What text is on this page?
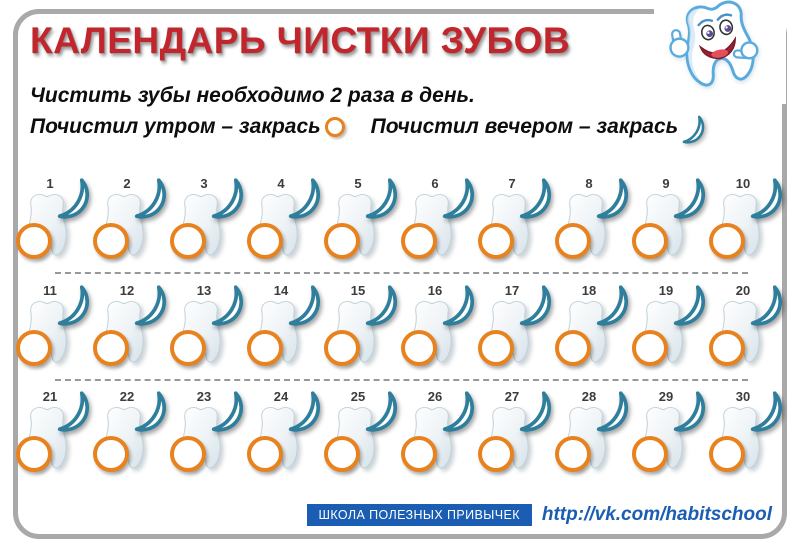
КАЛЕНДАРЬ ЧИСТКИ ЗУБОВ
Чистить зубы необходимо 2 раза в день.
Почистил утром – закрась Почистил вечером – закрась
1	2	3	4	5	6	7	8	9	10
11	12	13	14	15	16	17	18	19	20
21	22	23	24	25	26	27	28	29	30
ШКОЛА ПОЛЕЗНЫХ ПРИВЫЧЕК	http://vk.com/habitschool
